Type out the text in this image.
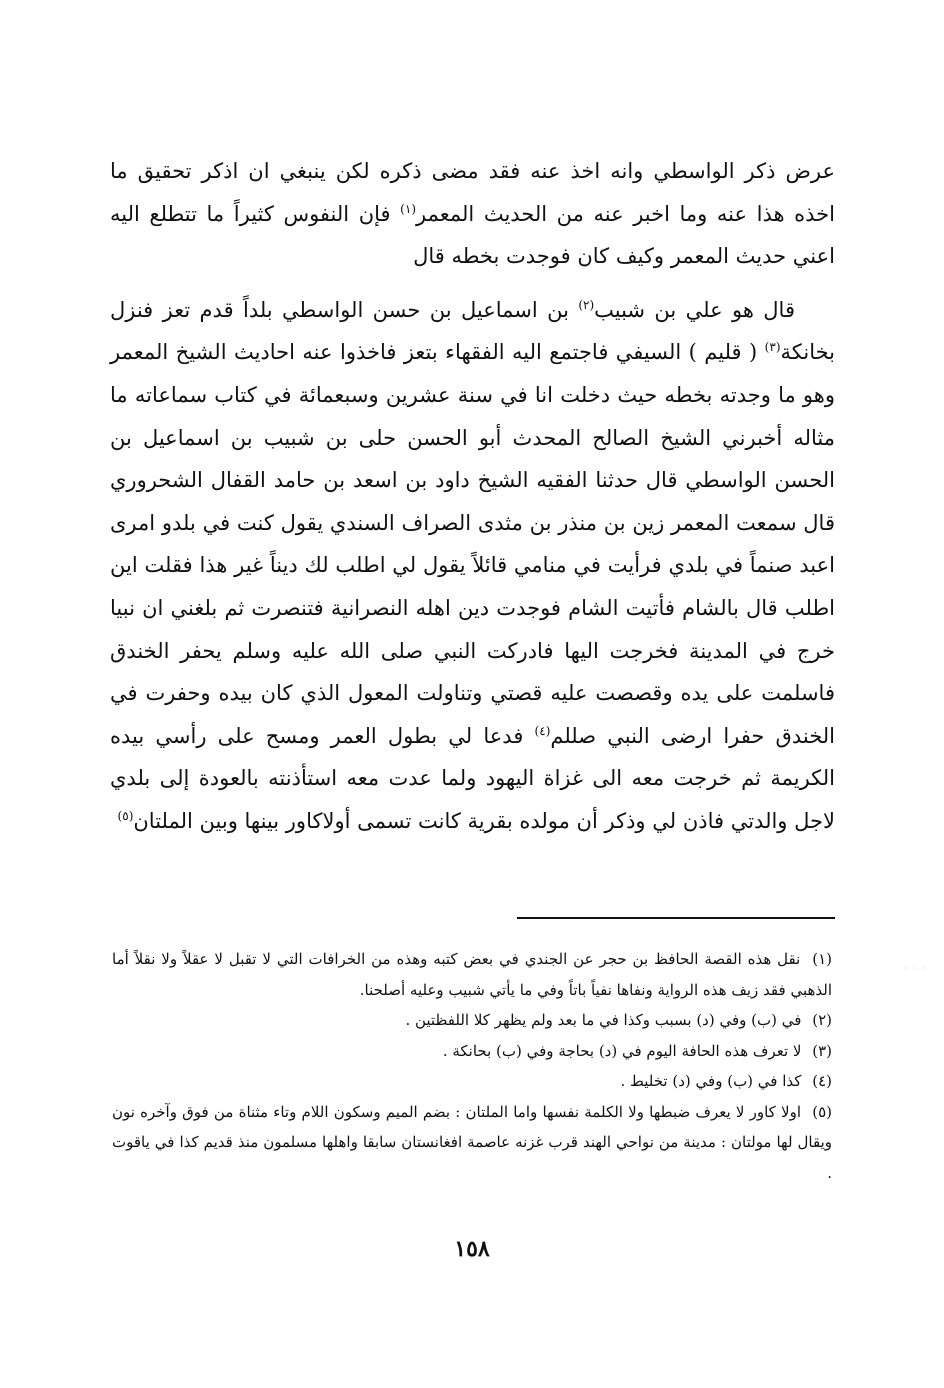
عرض ذكر الواسطي وانه اخذ عنه فقد مضى ذكره لكن ينبغي ان اذكر تحقيق ما اخذه هذا عنه وما اخبر عنه من الحديث المعمر$^{(١)}$ فإن النفوس كثيراً ما تتطلع اليه اعني حديث المعمر وكيف كان فوجدت بخطه قال

قال هو علي بن شبيب$^{(٢)}$ بن اسماعيل بن حسن الواسطي بلداً قدم تعز فنزل بخانكة$^{(٣)}$ ( قليم ) السيفي فاجتمع اليه الفقهاء بتعز فاخذوا عنه احاديث الشيخ المعمر وهو ما وجدته بخطه حيث دخلت انا في سنة عشرين وسبعمائة في كتاب سماعاته ما مثاله أخبرني الشيخ الصالح المحدث أبو الحسن حلى بن شبيب بن اسماعيل بن الحسن الواسطي قال حدثنا الفقيه الشيخ داود بن اسعد بن حامد القفال الشحروري قال سمعت المعمر زين بن منذر بن مثدى الصراف السندي يقول كنت في بلدو امرى اعبد صنماً في بلدي فرأيت في منامي قائلاً يقول لي اطلب لك ديناً غير هذا فقلت اين اطلب قال بالشام فأتيت الشام فوجدت دين اهله النصرانية فتنصرت ثم بلغني ان نبيا خرج في المدينة فخرجت اليها فادركت النبي صلى الله عليه وسلم يحفر الخندق فاسلمت على يده وقصصت عليه قصتي وتناولت المعول الذي كان بيده وحفرت في الخندق حفرا ارضى النبي صللم$^{(٤)}$ فدعا لي بطول العمر ومسح على رأسي بيده الكريمة ثم خرجت معه الى غزاة اليهود ولما عدت معه استأذنته بالعودة إلى بلدي لاجل والدتي فاذن لي وذكر أن مولده بقرية كانت تسمى أولاكاور بينها وبين الملتان$^{(٥)}$

(١) نقل هذه القصة الحافظ بن حجر عن الجندي في بعض كتبه وهذه من الخرافات التي لا تقبل لا عقلاً ولا نقلاً أما الذهبي فقد زيف هذه الرواية ونفاها نفياً باتاً وفي ما يأتي شبيب وعليه أصلحنا.

(٢) في (ب) وفي (د) بسبب وكذا في ما بعد ولم يظهر كلا اللفظتين .

(٣) لا تعرف هذه الحافة اليوم في (د) بحاجة وفي (ب) بحانكة .

(٤) كذا في (ب) وفي (د) تخليط .

(٥) اولا كاور لا يعرف ضبطها ولا الكلمة نفسها واما الملتان : بضم الميم وسكون اللام وتاء مثناة من فوق وآخره نون ويقال لها مولتان : مدينة من نواحي الهند قرب غزنه عاصمة افغانستان سابقا واهلها مسلمون منذ قديم كذا في ياقوت .

١٥٨
· · ·
